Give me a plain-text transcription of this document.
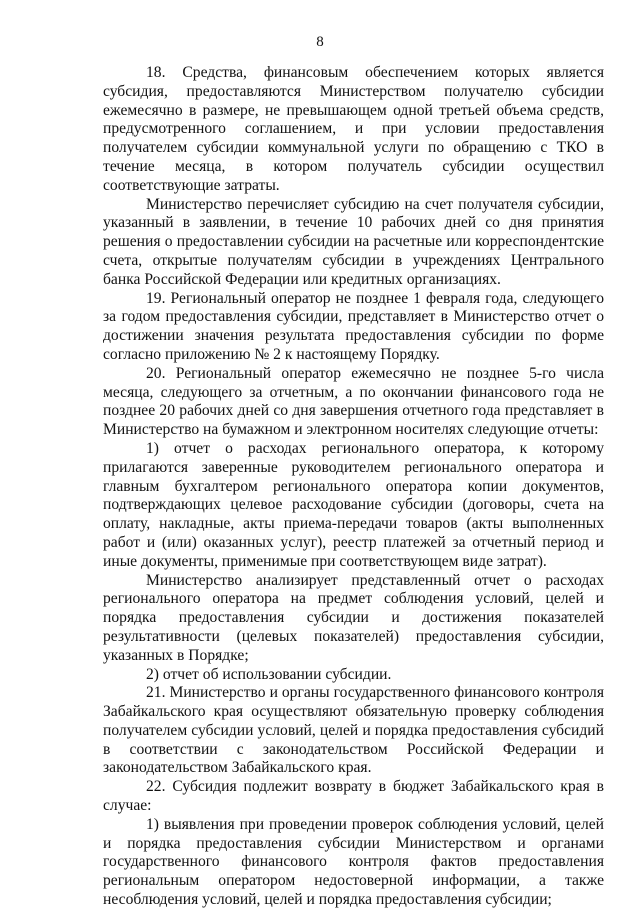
8

18. Средства, финансовым обеспечением которых является субсидия, предоставляются Министерством получателю субсидии ежемесячно в размере, не превышающем одной третьей объема средств, предусмотренного соглашением, и при условии предоставления получателем субсидии коммунальной услуги по обращению с ТКО в течение месяца, в котором получатель субсидии осуществил соответствующие затраты.

Министерство перечисляет субсидию на счет получателя субсидии, указанный в заявлении, в течение 10 рабочих дней со дня принятия решения о предоставлении субсидии на расчетные или корреспондентские счета, открытые получателям субсидии в учреждениях Центрального банка Российской Федерации или кредитных организациях.

19. Региональный оператор не позднее 1 февраля года, следующего за годом предоставления субсидии, представляет в Министерство отчет о достижении значения результата предоставления субсидии по форме согласно приложению № 2 к настоящему Порядку.

20. Региональный оператор ежемесячно не позднее 5-го числа месяца, следующего за отчетным, а по окончании финансового года не позднее 20 рабочих дней со дня завершения отчетного года представляет в Министерство на бумажном и электронном носителях следующие отчеты:

1) отчет о расходах регионального оператора, к которому прилагаются заверенные руководителем регионального оператора и главным бухгалтером регионального оператора копии документов, подтверждающих целевое расходование субсидии (договоры, счета на оплату, накладные, акты приема-передачи товаров (акты выполненных работ и (или) оказанных услуг), реестр платежей за отчетный период и иные документы, применимые при соответствующем виде затрат).

Министерство анализирует представленный отчет о расходах регионального оператора на предмет соблюдения условий, целей и порядка предоставления субсидии и достижения показателей результативности (целевых показателей) предоставления субсидии, указанных в Порядке;

2) отчет об использовании субсидии.

21. Министерство и органы государственного финансового контроля Забайкальского края осуществляют обязательную проверку соблюдения получателем субсидии условий, целей и порядка предоставления субсидий в соответствии с законодательством Российской Федерации и законодательством Забайкальского края.

22. Субсидия подлежит возврату в бюджет Забайкальского края в случае:

1) выявления при проведении проверок соблюдения условий, целей и порядка предоставления субсидии Министерством и органами государственного финансового контроля фактов предоставления региональным оператором недостоверной информации, а также несоблюдения условий, целей и порядка предоставления субсидии;
